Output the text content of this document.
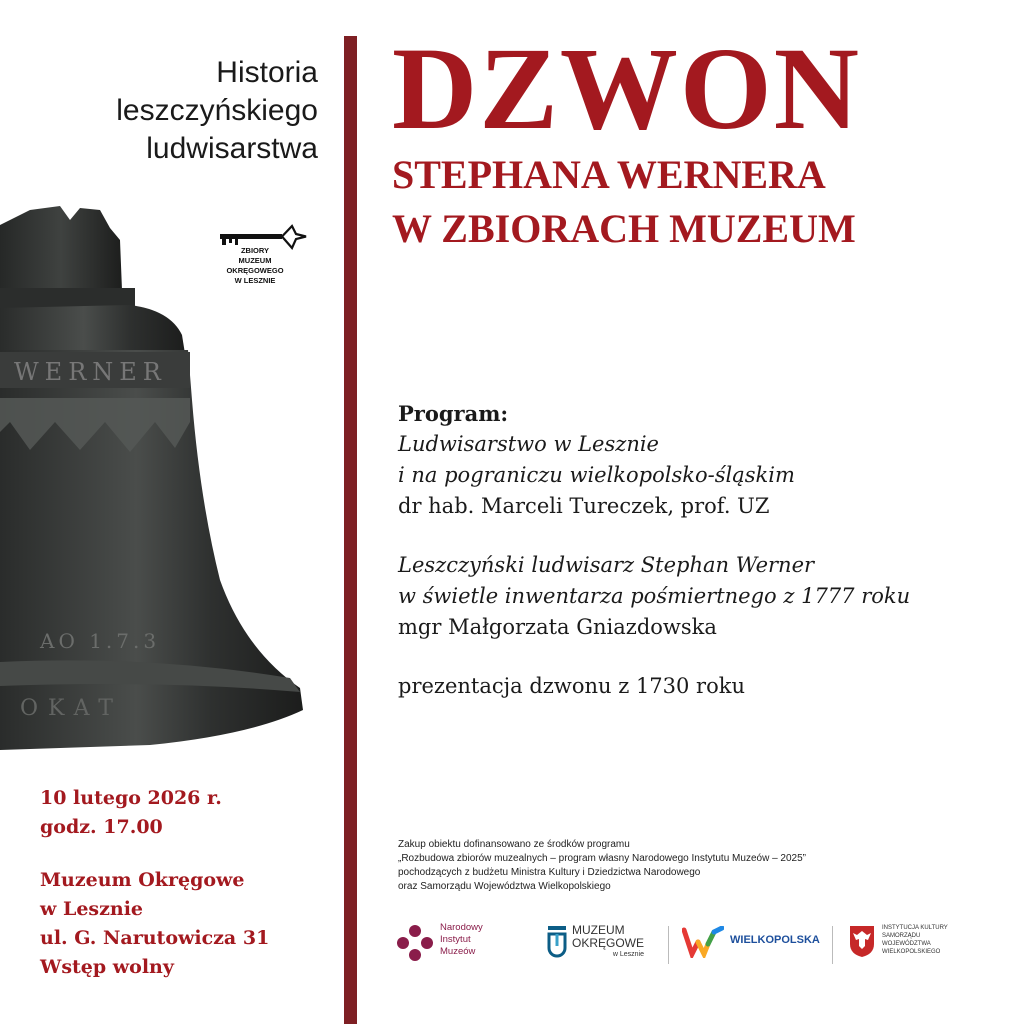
Historia
leszczyńskiego
ludwisarstwa
ZBIORY
MUZEUM
OKRĘGOWEGO
W LESZNIE
WERNER
AO 1.7.3
OKAT
10 lutego 2026 r.
godz. 17.00
Muzeum Okręgowe
w Lesznie
ul. G. Narutowicza 31
Wstęp wolny
DZWON
STEPHANA WERNERA
W ZBIORACH MUZEUM
Program:
Ludwisarstwo w Lesznie
i na pograniczu wielkopolsko-śląskim
dr hab. Marceli Tureczek, prof. UZ
Leszczyński ludwisarz Stephan Werner
w świetle inwentarza pośmiertnego z 1777 roku
mgr Małgorzata Gniazdowska
prezentacja dzwonu z 1730 roku
Zakup obiektu dofinansowano ze środków programu
„Rozbudowa zbiorów muzealnych – program własny Narodowego Instytutu Muzeów – 2025”
pochodzących z budżetu Ministra Kultury i Dziedzictwa Narodowego
oraz Samorządu Województwa Wielkopolskiego
Narodowy
Instytut
Muzeów
MUZEUM
OKRĘGOWE
w Lesznie
WIELKOPOLSKA
INSTYTUCJA KULTURY
SAMORZĄDU
WOJEWÓDZTWA
WIELKOPOLSKIEGO
